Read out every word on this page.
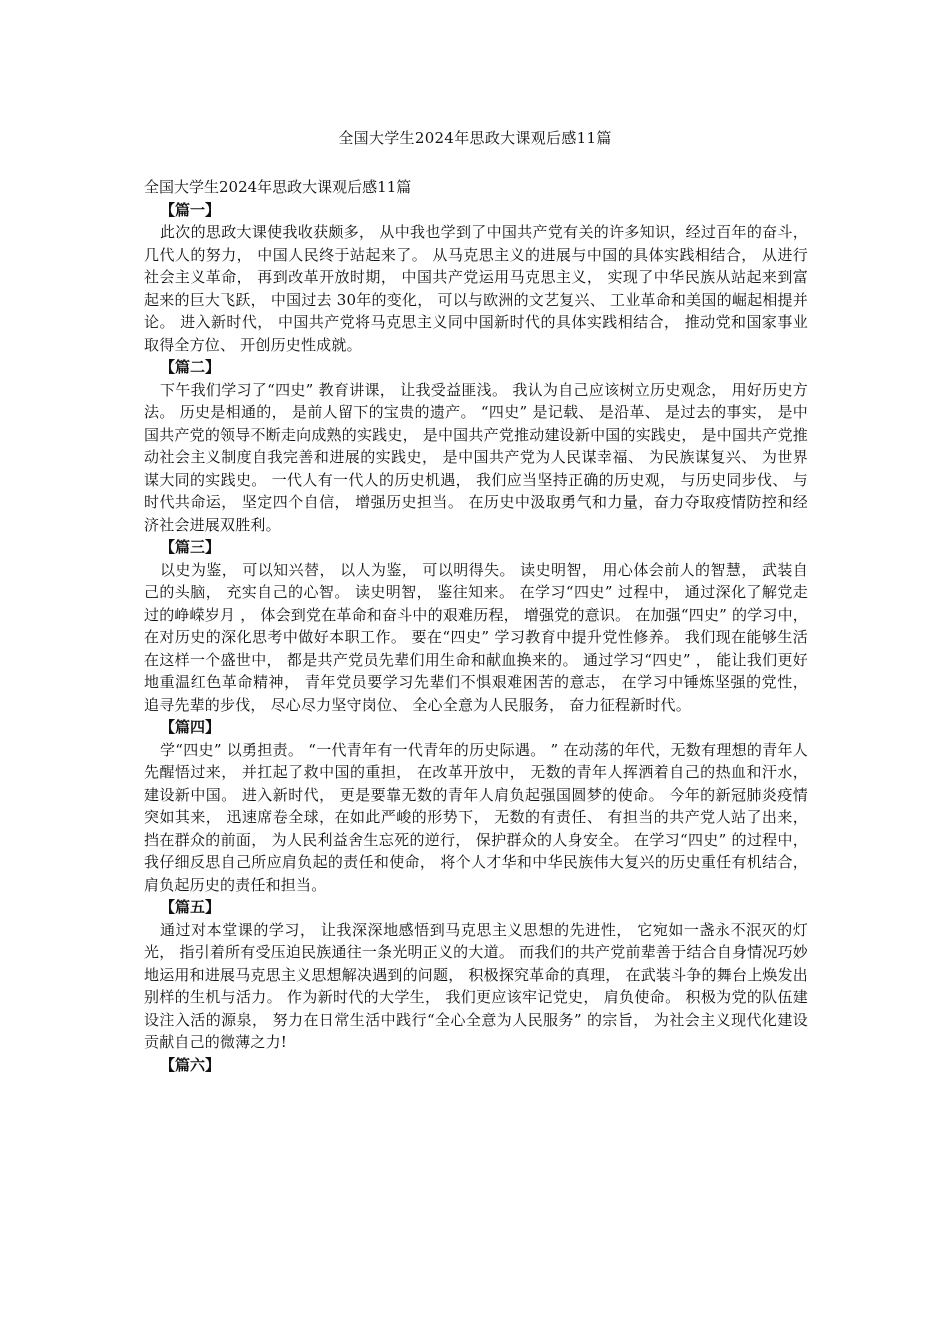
全国大学生2024年思政大课观后感11篇

全国大学生2024年思政大课观后感11篇

【篇一】

此次的思政大课使我收获颇多， 从中我也学到了中国共产党有关的许多知识，经过百年的奋斗， 几代人的努力， 中国人民终于站起来了。 从马克思主义的进展与中国的具体实践相结合， 从进行社会主义革命， 再到改革开放时期， 中国共产党运用马克思主义， 实现了中华民族从站起来到富起来的巨大飞跃， 中国过去 30年的变化， 可以与欧洲的文艺复兴、 工业革命和美国的崛起相提并论。 进入新时代， 中国共产党将马克思主义同中国新时代的具体实践相结合， 推动党和国家事业取得全方位、 开创历史性成就。

【篇二】

下午我们学习了“四史” 教育讲课， 让我受益匪浅。 我认为自己应该树立历史观念， 用好历史方法。 历史是相通的， 是前人留下的宝贵的遗产。 “四史” 是记载、 是沿革、 是过去的事实， 是中国共产党的领导不断走向成熟的实践史， 是中国共产党推动建设新中国的实践史， 是中国共产党推动社会主义制度自我完善和进展的实践史， 是中国共产党为人民谋幸福、 为民族谋复兴、 为世界谋大同的实践史。 一代人有一代人的历史机遇， 我们应当坚持正确的历史观， 与历史同步伐、 与时代共命运， 坚定四个自信， 增强历史担当。 在历史中汲取勇气和力量，奋力夺取疫情防控和经济社会进展双胜利。

【篇三】

以史为鉴， 可以知兴替， 以人为鉴， 可以明得失。 读史明智， 用心体会前人的智慧， 武装自己的头脑， 充实自己的心智。 读史明智， 鉴往知来。 在学习“四史” 过程中， 通过深化了解党走过的峥嵘岁月 ， 体会到党在革命和奋斗中的艰难历程， 增强党的意识。 在加强“四史” 的学习中， 在对历史的深化思考中做好本职工作。 要在“四史” 学习教育中提升党性修养。 我们现在能够生活在这样一个盛世中， 都是共产党员先辈们用生命和献血换来的。 通过学习“四史” ， 能让我们更好地重温红色革命精神， 青年党员要学习先辈们不惧艰难困苦的意志， 在学习中锤炼坚强的党性， 追寻先辈的步伐， 尽心尽力坚守岗位、 全心全意为人民服务， 奋力征程新时代。

【篇四】

学“四史” 以勇担责。 “一代青年有一代青年的历史际遇。 ” 在动荡的年代，无数有理想的青年人先醒悟过来， 并扛起了救中国的重担， 在改革开放中， 无数的青年人挥洒着自己的热血和汗水， 建设新中国。 进入新时代， 更是要靠无数的青年人肩负起强国圆梦的使命。 今年的新冠肺炎疫情突如其来， 迅速席卷全球，在如此严峻的形势下， 无数的有责任、 有担当的共产党人站了出来， 挡在群众的前面， 为人民利益舍生忘死的逆行， 保护群众的人身安全。 在学习“四史” 的过程中， 我仔细反思自己所应肩负起的责任和使命， 将个人才华和中华民族伟大复兴的历史重任有机结合， 肩负起历史的责任和担当。

【篇五】

通过对本堂课的学习， 让我深深地感悟到马克思主义思想的先进性， 它宛如一盏永不泯灭的灯光， 指引着所有受压迫民族通往一条光明正义的大道。 而我们的共产党前辈善于结合自身情况巧妙地运用和进展马克思主义思想解决遇到的问题， 积极探究革命的真理， 在武装斗争的舞台上焕发出别样的生机与活力。 作为新时代的大学生， 我们更应该牢记党史， 肩负使命。 积极为党的队伍建设注入活的源泉， 努力在日常生活中践行“全心全意为人民服务” 的宗旨， 为社会主义现代化建设贡献自己的微薄之力!

【篇六】
